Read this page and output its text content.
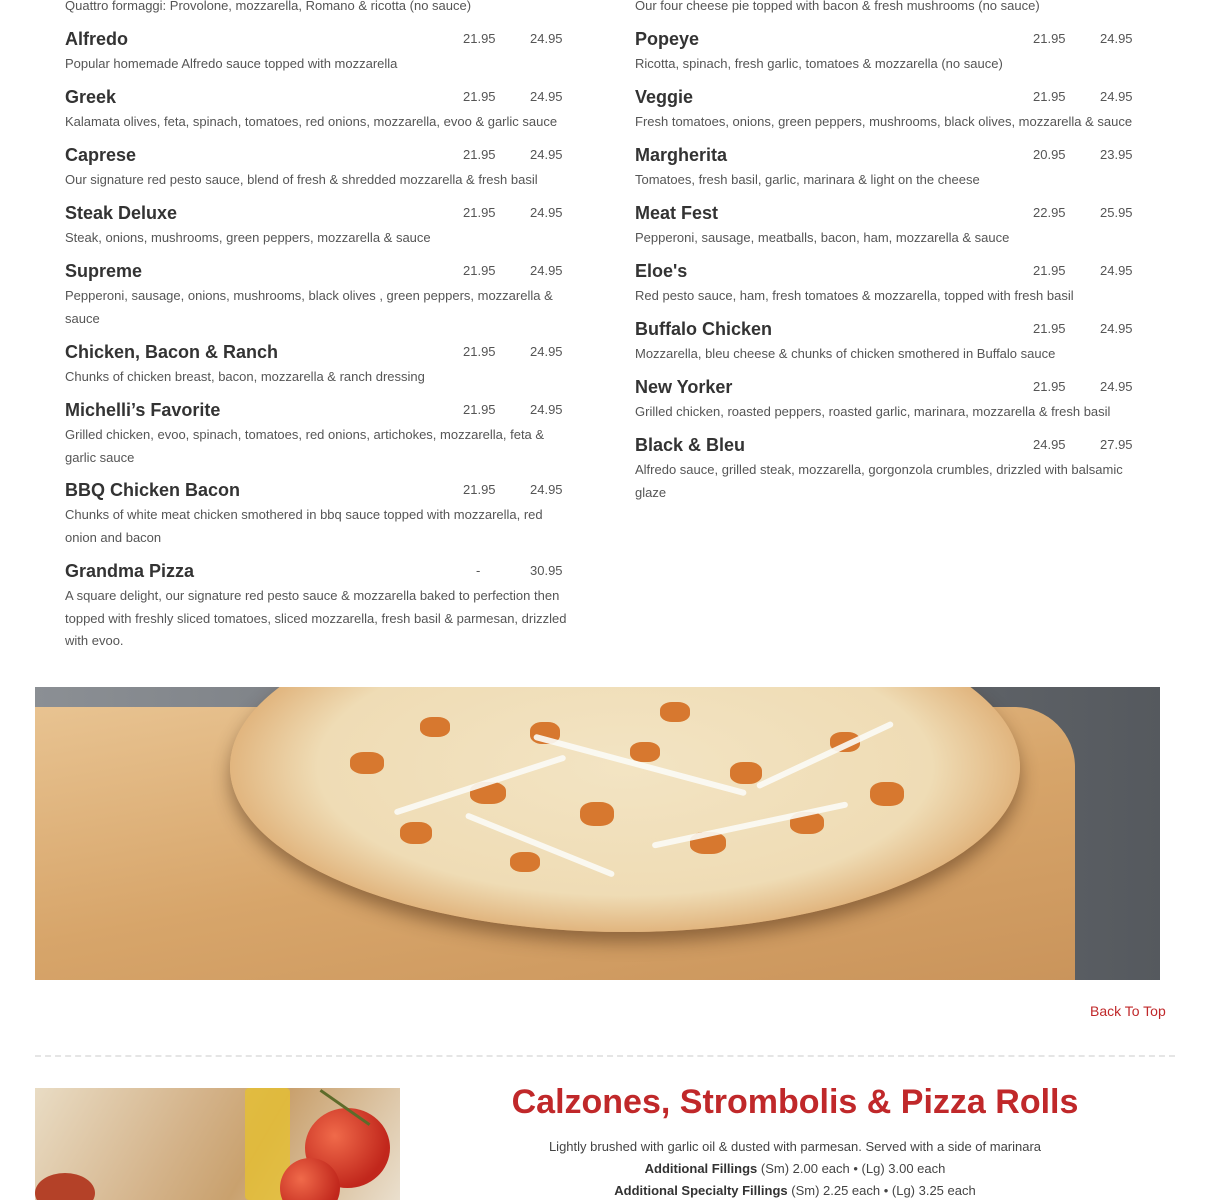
Quattro formaggi: Provolone, mozzarella, Romano & ricotta (no sauce)
Alfredo	21.95	24.95
Popular homemade Alfredo sauce topped with mozzarella
Greek	21.95	24.95
Kalamata olives, feta, spinach, tomatoes, red onions, mozzarella, evoo & garlic sauce
Caprese	21.95	24.95
Our signature red pesto sauce, blend of fresh & shredded mozzarella & fresh basil
Steak Deluxe	21.95	24.95
Steak, onions, mushrooms, green peppers, mozzarella & sauce
Supreme	21.95	24.95
Pepperoni, sausage, onions, mushrooms, black olives , green peppers, mozzarella & sauce
Chicken, Bacon & Ranch	21.95	24.95
Chunks of chicken breast, bacon, mozzarella & ranch dressing
Michelli’s Favorite	21.95	24.95
Grilled chicken, evoo, spinach, tomatoes, red onions, artichokes, mozzarella, feta & garlic sauce
BBQ Chicken Bacon	21.95	24.95
Chunks of white meat chicken smothered in bbq sauce topped with mozzarella, red onion and bacon
Grandma Pizza	-	30.95
A square delight, our signature red pesto sauce & mozzarella baked to perfection then topped with freshly sliced tomatoes, sliced mozzarella, fresh basil & parmesan, drizzled with evoo.
Our four cheese pie topped with bacon & fresh mushrooms (no sauce)
Popeye	21.95	24.95
Ricotta, spinach, fresh garlic, tomatoes & mozzarella (no sauce)
Veggie	21.95	24.95
Fresh tomatoes, onions, green peppers, mushrooms, black olives, mozzarella & sauce
Margherita	20.95	23.95
Tomatoes, fresh basil, garlic, marinara & light on the cheese
Meat Fest	22.95	25.95
Pepperoni, sausage, meatballs, bacon, ham, mozzarella & sauce
Eloe's	21.95	24.95
Red pesto sauce, ham, fresh tomatoes & mozzarella, topped with fresh basil
Buffalo Chicken	21.95	24.95
Mozzarella, bleu cheese & chunks of chicken smothered in Buffalo sauce
New Yorker	21.95	24.95
Grilled chicken, roasted peppers, roasted garlic, marinara, mozzarella & fresh basil
Black & Bleu	24.95	27.95
Alfredo sauce, grilled steak, mozzarella, gorgonzola crumbles, drizzled with balsamic glaze
Back To Top
Calzones, Strombolis & Pizza Rolls
Lightly brushed with garlic oil & dusted with parmesan. Served with a side of marinara
Additional Fillings (Sm) 2.00 each • (Lg) 3.00 each
Additional Specialty Fillings (Sm) 2.25 each • (Lg) 3.25 each
